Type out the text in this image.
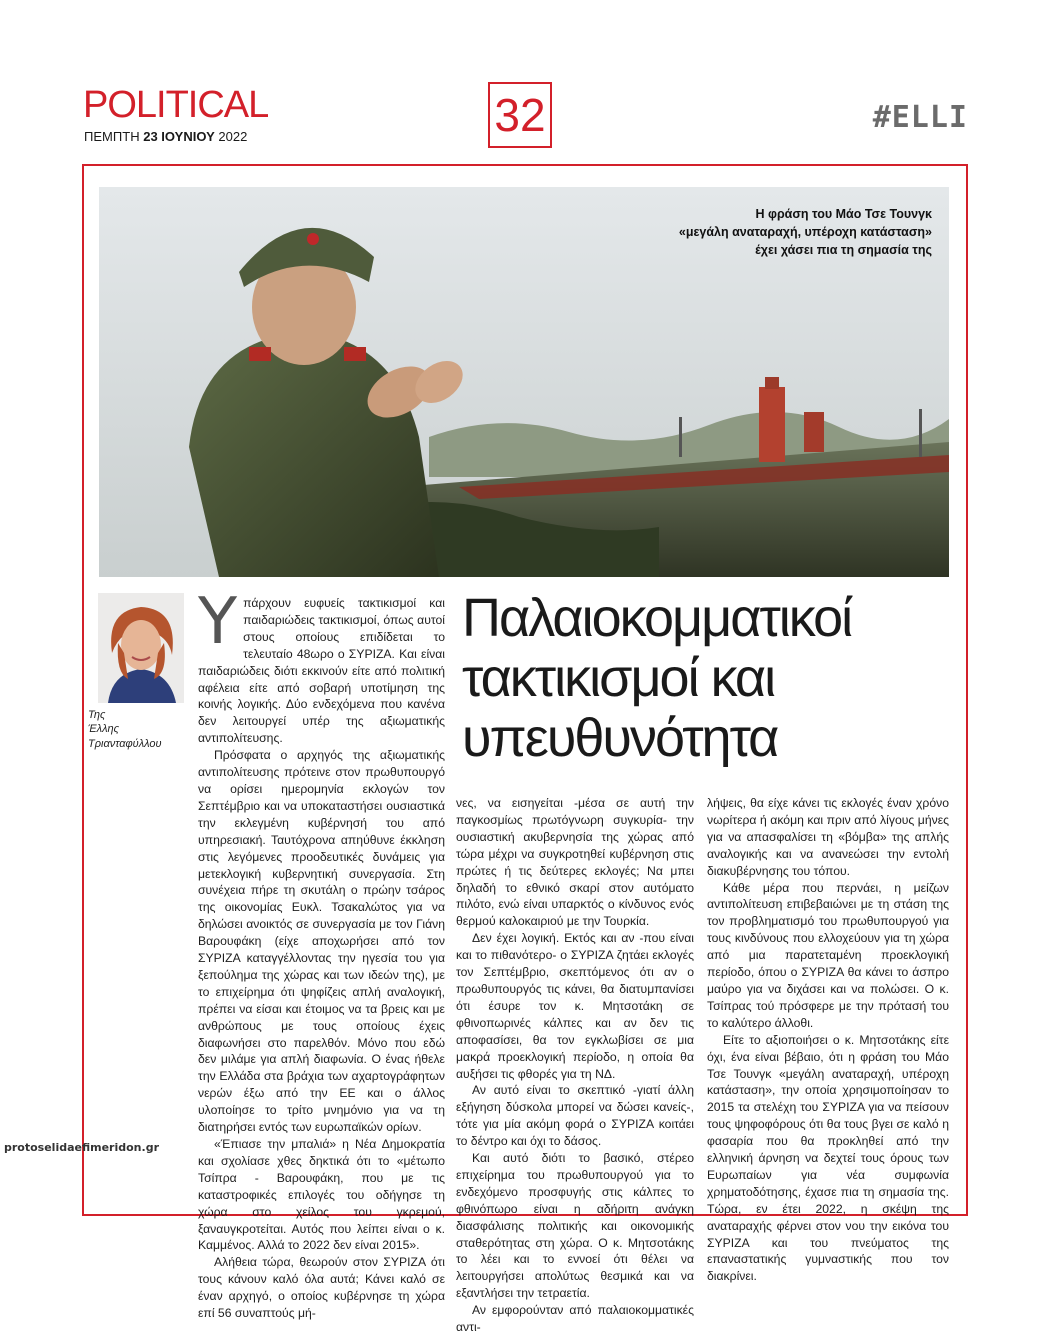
POLITICAL
ΠΕΜΠΤΗ 23 ΙΟΥΝΙΟΥ 2022	32	#ELLI
Η φράση του Μάο Τσε Τουνγκ
«μεγάλη αναταραχή, υπέροχη κατάσταση»
έχει χάσει πια τη σημασία της
Της
Έλλης
Τριανταφύλλου
Παλαιοκομματικοί
τακτικισμοί και
υπευθυνότητα
Υ πάρχουν ευφυείς τακτικισμοί και παιδαριώδεις τακτικισμοί, όπως αυτοί στους οποίους επιδίδεται το τελευταίο 48ωρο ο ΣΥΡΙΖΑ. Και είναι παιδαριώδεις διότι εκκινούν είτε από πολιτική αφέλεια είτε από σοβαρή υποτίμηση της κοινής λογικής. Δύο ενδεχόμενα που κανένα δεν λειτουργεί υπέρ της αξιωματικής αντιπολίτευσης.

Πρόσφατα ο αρχηγός της αξιωματικής αντιπολίτευσης πρότεινε στον πρωθυπουργό να ορίσει ημερομηνία εκλογών τον Σεπτέμβριο και να υποκαταστήσει ουσιαστικά την εκλεγμένη κυβέρνησή του από υπηρεσιακή. Ταυτόχρονα απηύθυνε έκκληση στις λεγόμενες προοδευτικές δυνάμεις για μετεκλογική κυβερνητική συνεργασία. Στη συνέχεια πήρε τη σκυτάλη ο πρώην τσάρος της οικονομίας Ευκλ. Τσακαλώτος για να δηλώσει ανοικτός σε συνεργασία με τον Γιάνη Βαρουφάκη (είχε αποχωρήσει από τον ΣΥΡΙΖΑ καταγγέλλοντας την ηγεσία του για ξεπούλημα της χώρας και των ιδεών της), με το επιχείρημα ότι ψηφίζεις απλή αναλογική, πρέπει να είσαι και έτοιμος να τα βρεις και με ανθρώπους με τους οποίους έχεις διαφωνήσει στο παρελθόν. Μόνο που εδώ δεν μιλάμε για απλή διαφωνία. Ο ένας ήθελε την Ελλάδα στα βράχια των αχαρτογράφητων νερών έξω από την ΕΕ και ο άλλος υλοποίησε το τρίτο μνημόνιο για να τη διατηρήσει εντός των ευρωπαϊκών ορίων.

«Έπιασε την μπαλιά» η Νέα Δημοκρατία και σχολίασε χθες δηκτικά ότι το «μέτωπο Τσίπρα - Βαρουφάκη, που με τις καταστροφικές επιλογές του οδήγησε τη χώρα στο χείλος του γκρεμού, ξαναυγκροτείται. Αυτός που λείπει είναι ο κ. Καμμένος. Αλλά το 2022 δεν είναι 2015».

Αλήθεια τώρα, θεωρούν στον ΣΥΡΙΖΑ ότι τους κάνουν καλό όλα αυτά; Κάνει καλό σε έναν αρχηγό, ο οποίος κυβέρνησε τη χώρα επί 56 συναπτούς μή-

νες, να εισηγείται -μέσα σε αυτή την παγκοσμίως πρωτόγνωρη συγκυρία- την ουσιαστική ακυβερνησία της χώρας από τώρα μέχρι να συγκροτηθεί κυβέρνηση στις πρώτες ή τις δεύτερες εκλογές; Να μπει δηλαδή το εθνικό σκαρί στον αυτόματο πιλότο, ενώ είναι υπαρκτός ο κίνδυνος ενός θερμού καλοκαιριού με την Τουρκία.

Δεν έχει λογική. Εκτός και αν -που είναι και το πιθανότερο- ο ΣΥΡΙΖΑ ζητάει εκλογές τον Σεπτέμβριο, σκεπτόμενος ότι αν ο πρωθυπουργός τις κάνει, θα διατυμπανίσει ότι έσυρε τον κ. Μητσοτάκη σε φθινοπωρινές κάλπες και αν δεν τις αποφασίσει, θα τον εγκλωβίσει σε μια μακρά προεκλογική περίοδο, η οποία θα αυξήσει τις φθορές για τη ΝΔ.

Αν αυτό είναι το σκεπτικό -γιατί άλλη εξήγηση δύσκολα μπορεί να δώσει κανείς-, τότε για μία ακόμη φορά ο ΣΥΡΙΖΑ κοιτάει το δέντρο και όχι το δάσος.

Και αυτό διότι το βασικό, στέρεο επιχείρημα του πρωθυπουργού για το ενδεχόμενο προσφυγής στις κάλπες το φθινόπωρο είναι η αδήριτη ανάγκη διασφάλισης πολιτικής και οικονομικής σταθερότητας στη χώρα. Ο κ. Μητσοτάκης το λέει και το εννοεί ότι θέλει να λειτουργήσει απολύτως θεσμικά και να εξαντλήσει την τετραετία.

Αν εμφορούνταν από παλαιοκομματικές αντι-

λήψεις, θα είχε κάνει τις εκλογές έναν χρόνο νωρίτερα ή ακόμη και πριν από λίγους μήνες για να απασφαλίσει τη «βόμβα» της απλής αναλογικής και να ανανεώσει την εντολή διακυβέρνησης του τόπου.

Κάθε μέρα που περνάει, η μείζων αντιπολίτευση επιβεβαιώνει με τη στάση της τον προβληματισμό του πρωθυπουργού για τους κινδύνους που ελλοχεύουν για τη χώρα από μια παρατεταμένη προεκλογική περίοδο, όπου ο ΣΥΡΙΖΑ θα κάνει το άσπρο μαύρο για να διχάσει και να πολώσει. Ο κ. Τσίπρας τού πρόσφερε με την πρότασή του το καλύτερο άλλοθι.

Είτε το αξιοποιήσει ο κ. Μητσοτάκης είτε όχι, ένα είναι βέβαιο, ότι η φράση του Μάο Τσε Τουνγκ «μεγάλη αναταραχή, υπέροχη κατάσταση», την οποία χρησιμοποίησαν το 2015 τα στελέχη του ΣΥΡΙΖΑ για να πείσουν τους ψηφοφόρους ότι θα τους βγει σε καλό η φασαρία που θα προκληθεί από την ελληνική άρνηση να δεχτεί τους όρους των Ευρωπαίων για νέα συμφωνία χρηματοδότησης, έχασε πια τη σημασία της. Τώρα, εν έτει 2022, η σκέψη της αναταραχής φέρνει στον νου την εικόνα του ΣΥΡΙΖΑ και του πνεύματος της επαναστατικής γυμναστικής που τον διακρίνει.

protoselidaefimeridon.gr
